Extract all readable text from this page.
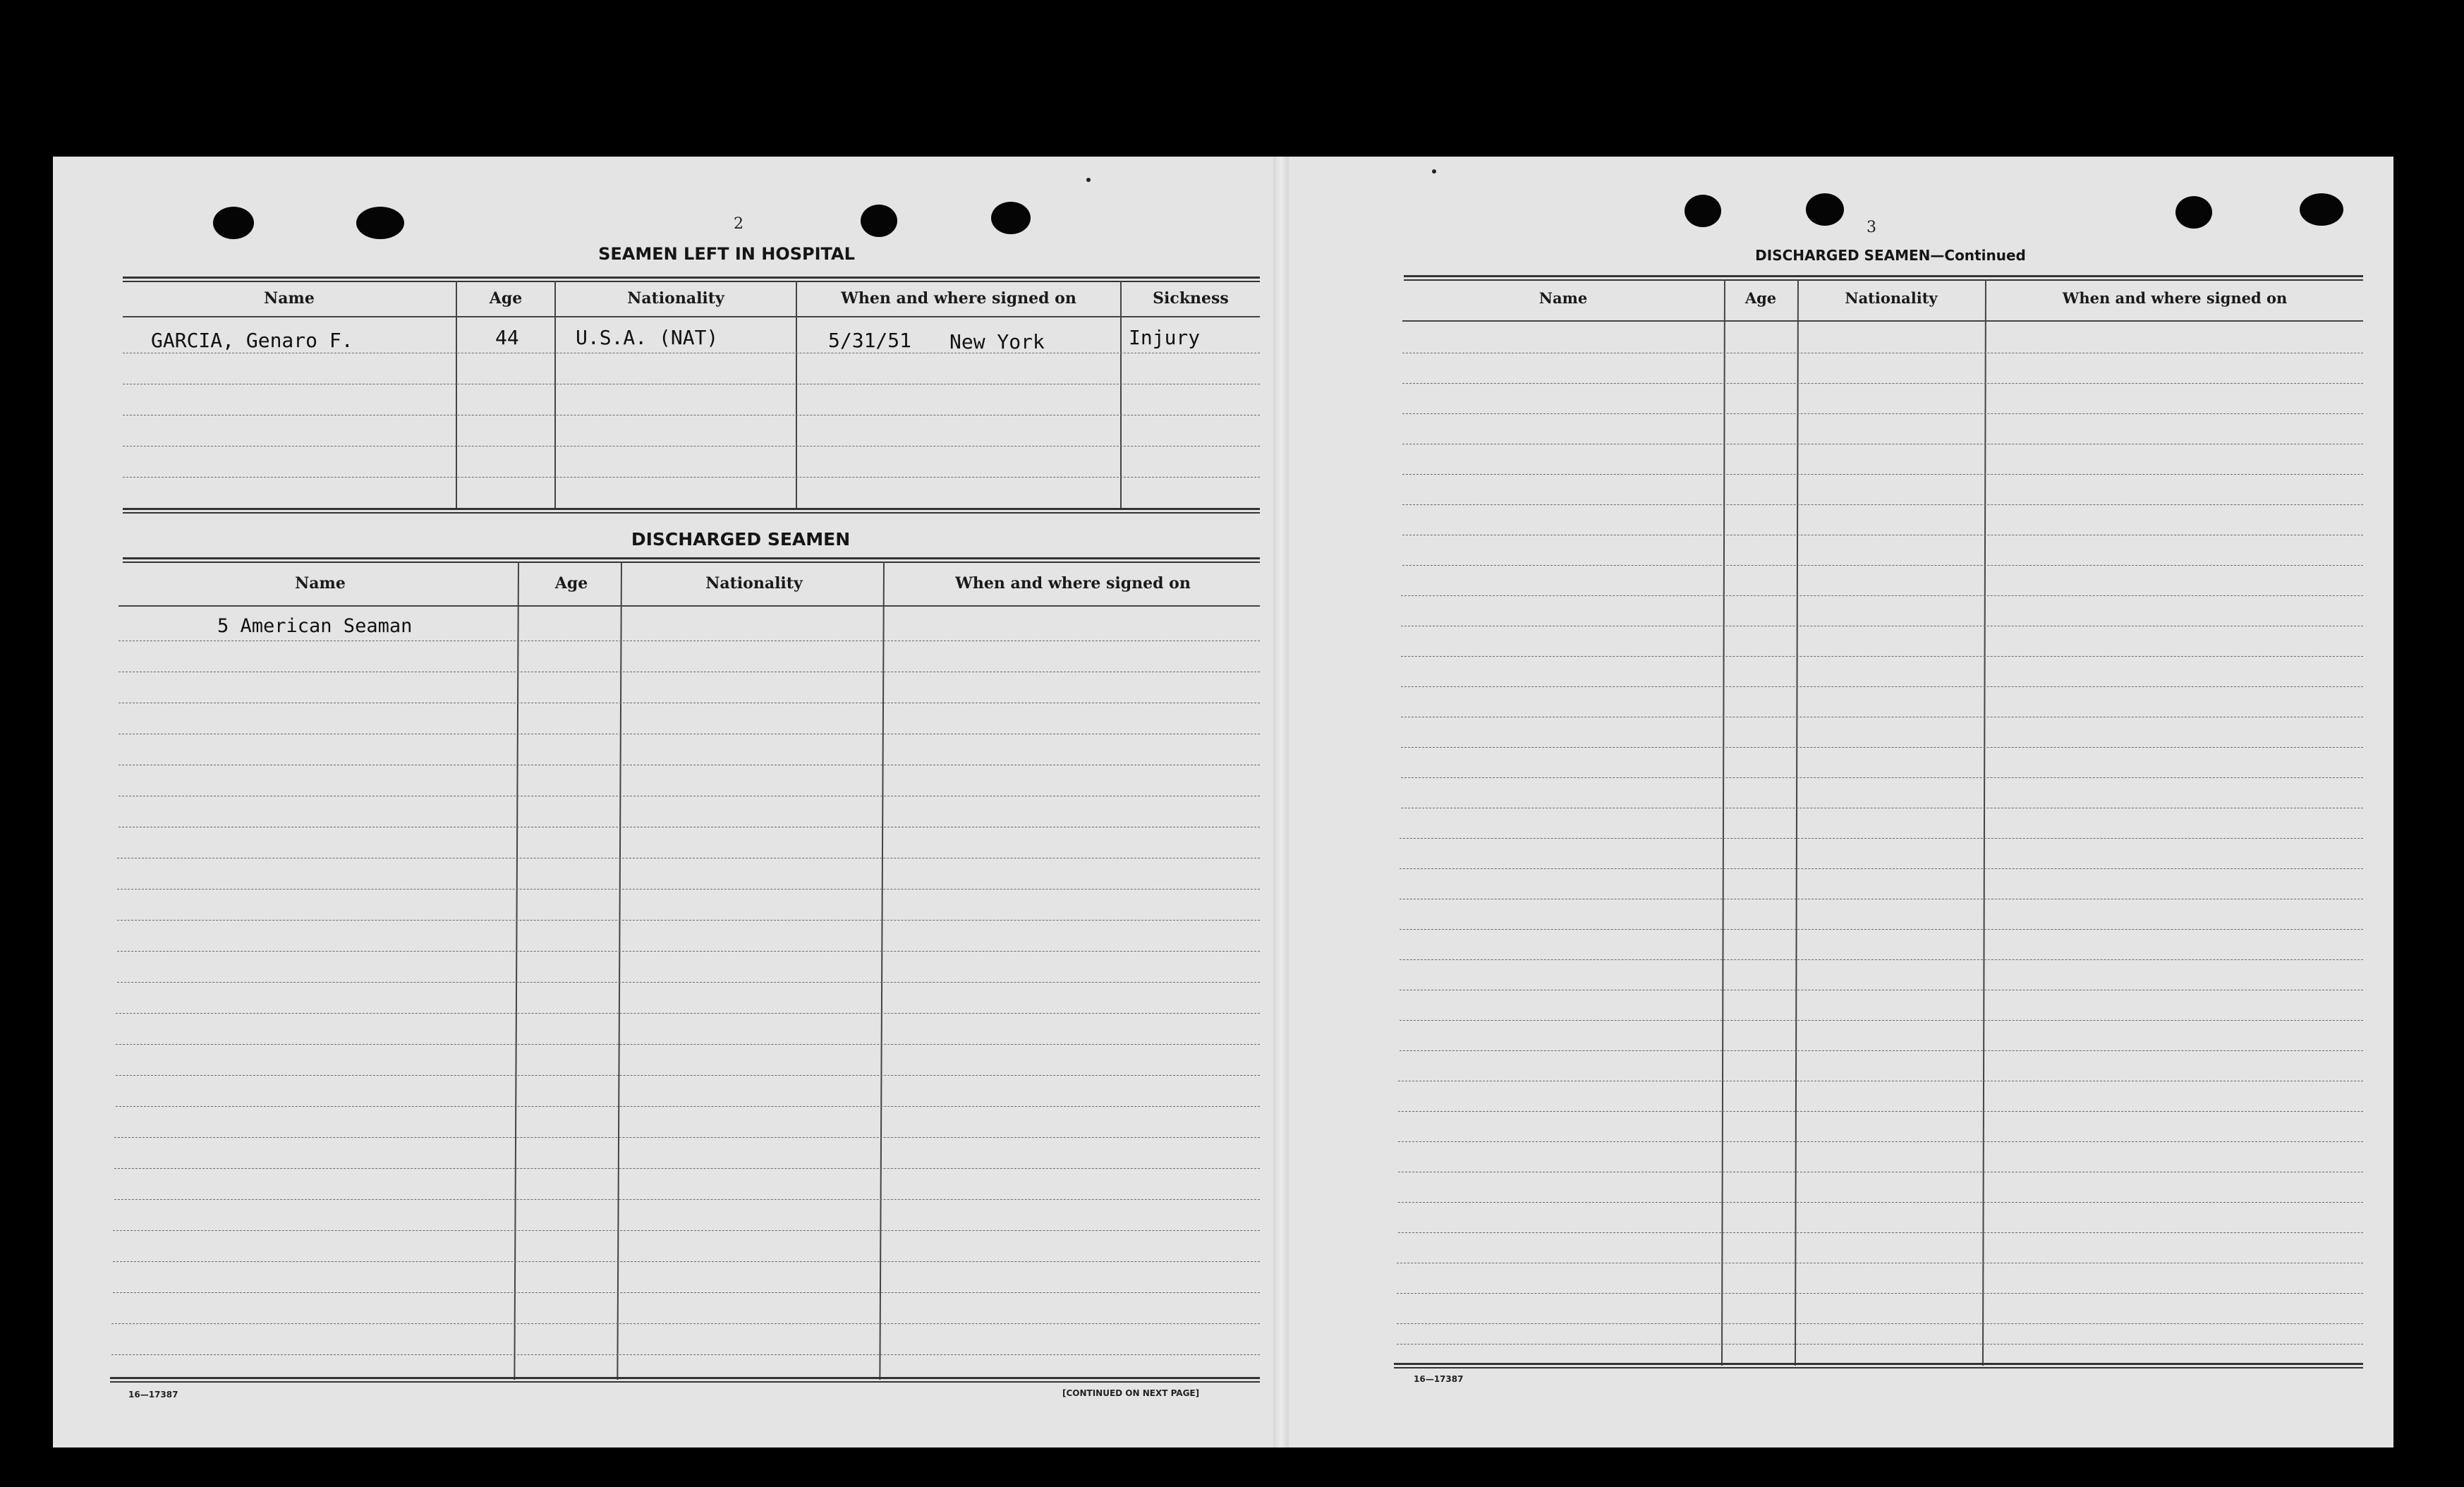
2
SEAMEN LEFT IN HOSPITAL
Name	Age	Nationality	When and where signed on	Sickness
GARCIA, Genaro F.	44	U.S.A. (NAT)	5/31/51 New York	Injury
DISCHARGED SEAMEN
Name	Age	Nationality	When and where signed on
5 American Seaman
16—17387	[CONTINUED ON NEXT PAGE]
3
DISCHARGED SEAMEN—Continued
Name	Age	Nationality	When and where signed on
16—17387
